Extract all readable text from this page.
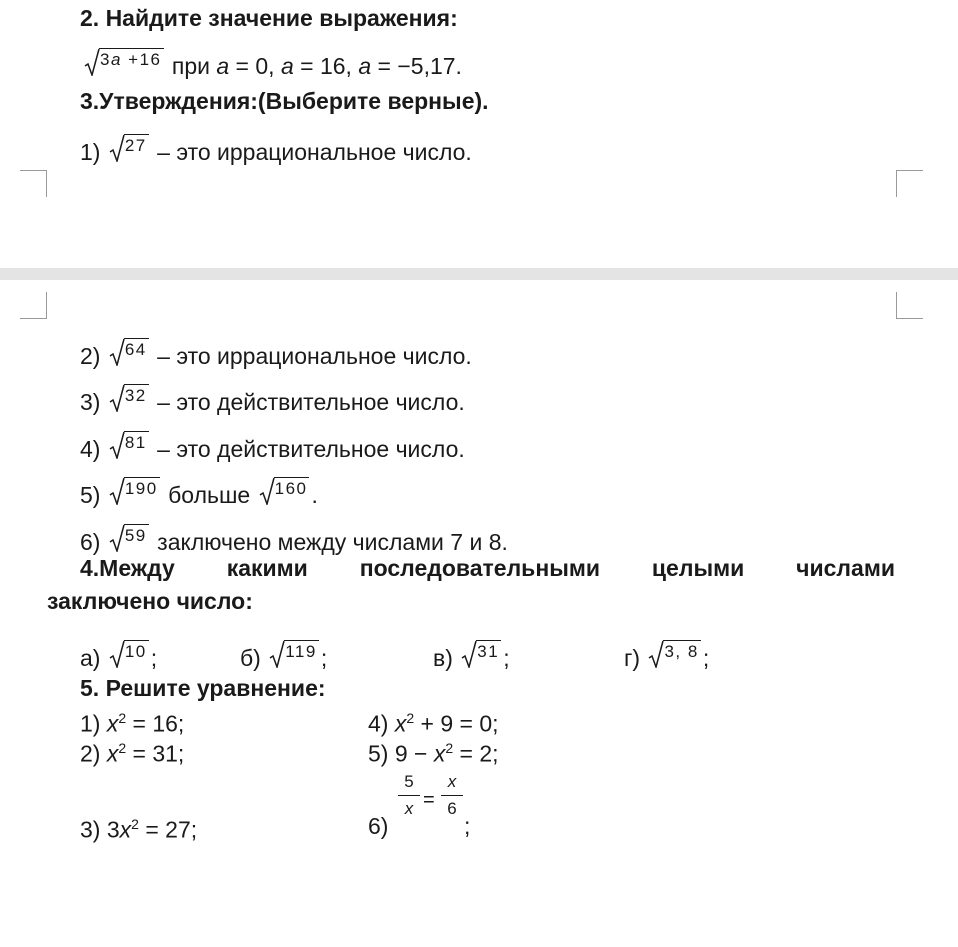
2. Найдите значение выражения:
3a +16 при a = 0, a = 16, a = −5,17.
3.Утверждения:(Выберите верные).
1) 27 – это иррациональное число.
2) 64 – это иррациональное число.
3) 32 – это действительное число.
4) 81 – это действительное число.
5) 190 больше 160 .
6) 59 заключено между числами 7 и 8.
4.Между какими последовательными целыми числами
заключено число:
а) 10 ;	б) 119 ;	в) 31 ;	г) 3, 8 ;
5. Решите уравнение:
1) $x^2 = 16$;
2) $x^2 = 31$;
3) $3x^2 = 27$;
4) $x^2 + 9 = 0$;
5) $9 - x^2 = 2$;
6)
5
x =
x
6
;
